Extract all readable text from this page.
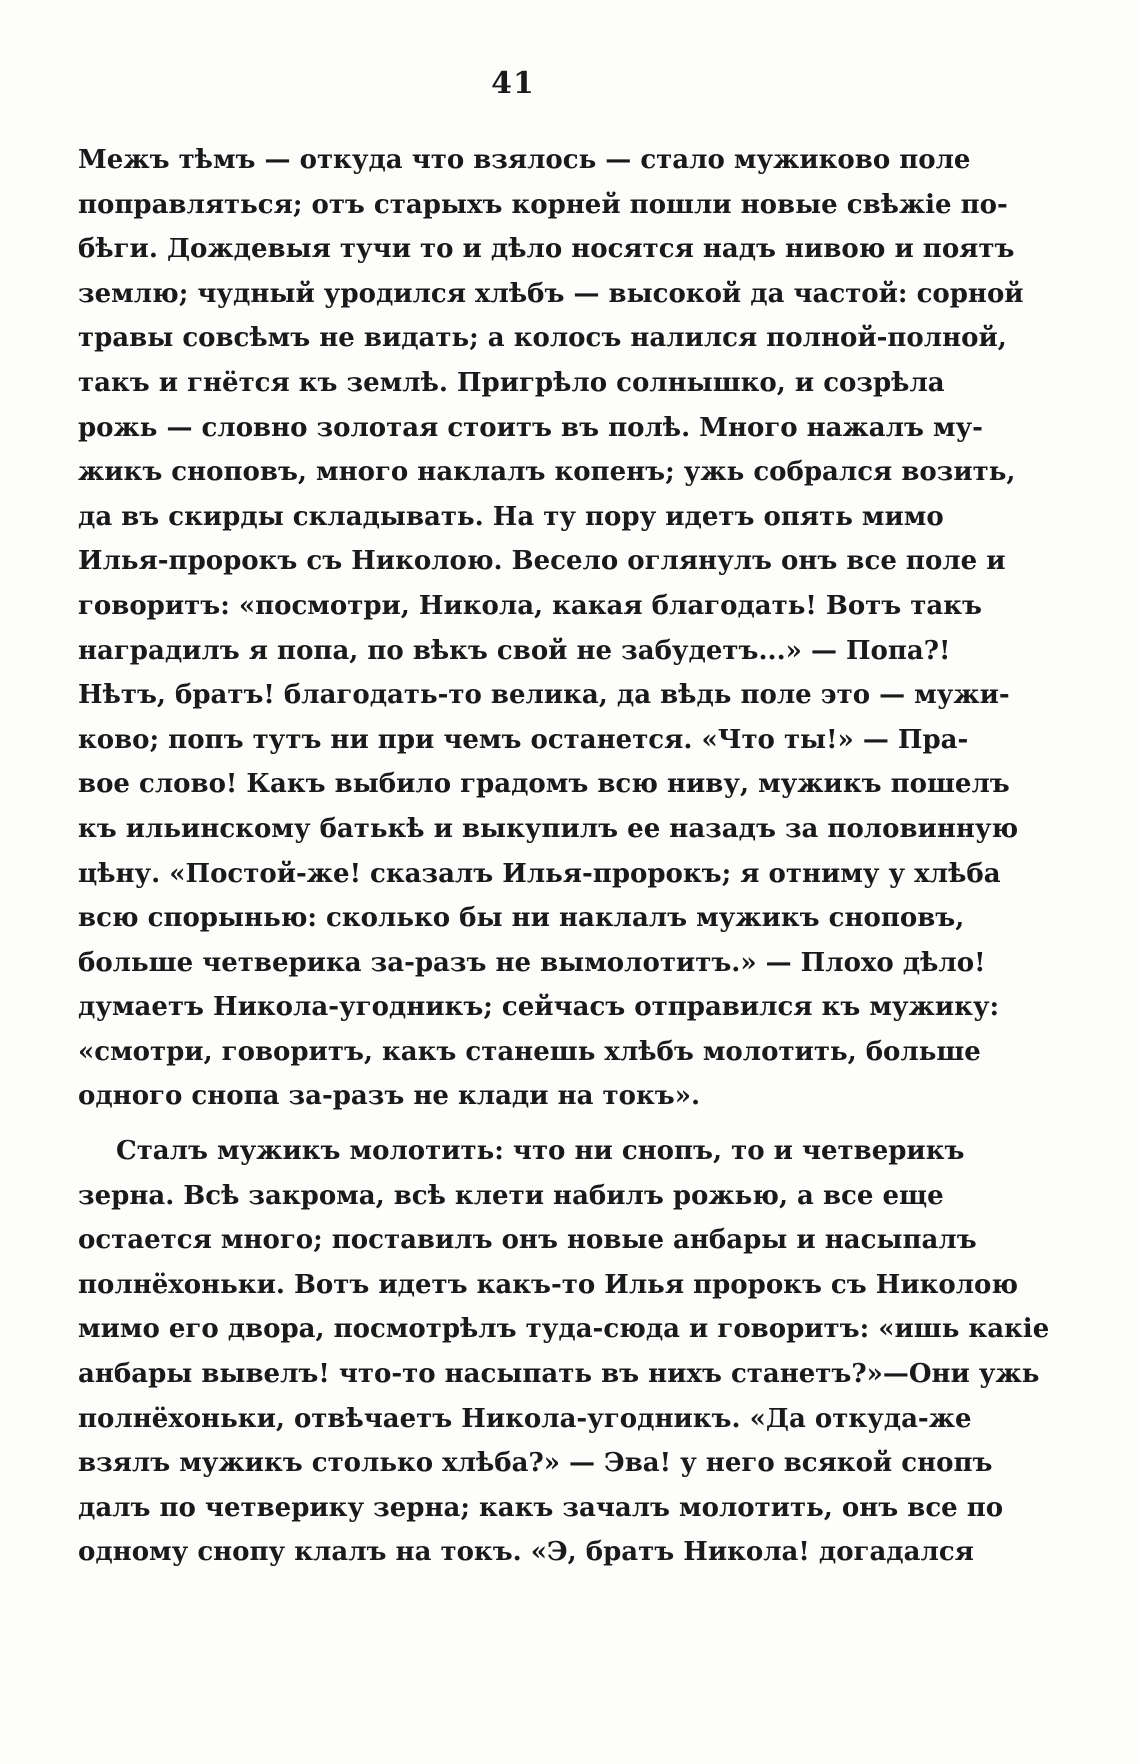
41
Межъ тѣмъ — откуда что взялось — стало мужиково поле
поправляться; отъ старыхъ корней пошли новые свѣжіе по-
бѣги. Дождевыя тучи то и дѣло носятся надъ нивою и поятъ
землю; чудный уродился хлѣбъ — высокой да частой: сорной
травы совсѣмъ не видать; а колосъ налился полной-полной,
такъ и гнётся къ землѣ. Пригрѣло солнышко, и созрѣла
рожь — словно золотая стоитъ въ полѣ. Много нажалъ му-
жикъ сноповъ, много наклалъ копенъ; ужь собрался возить,
да въ скирды складывать. На ту пору идетъ опять мимо
Илья-пророкъ съ Николою. Весело оглянулъ онъ все поле и
говоритъ: «посмотри, Никола, какая благодать! Вотъ такъ
наградилъ я попа, по вѣкъ свой не забудетъ...» — Попа?!
Нѣтъ, братъ! благодать-то велика, да вѣдь поле это — мужи-
ково; попъ тутъ ни при чемъ останется. «Что ты!» — Пра-
вое слово! Какъ выбило градомъ всю ниву, мужикъ пошелъ
къ ильинскому батькѣ и выкупилъ ее назадъ за половинную
цѣну. «Постой-же! сказалъ Илья-пророкъ; я отниму у хлѣба
всю спорынью: сколько бы ни наклалъ мужикъ сноповъ,
больше четверика за-разъ не вымолотитъ.» — Плохо дѣло!
думаетъ Никола-угодникъ; сейчасъ отправился къ мужику:
«смотри, говоритъ, какъ станешь хлѣбъ молотить, больше
одного снопа за-разъ не клади на токъ».
Сталъ мужикъ молотить: что ни снопъ, то и четверикъ
зерна. Всѣ закрома, всѣ клети набилъ рожью, а все еще
остается много; поставилъ онъ новые анбары и насыпалъ
полнёхоньки. Вотъ идетъ какъ-то Илья пророкъ съ Николою
мимо его двора, посмотрѣлъ туда-сюда и говоритъ: «ишь какіе
анбары вывелъ! что-то насыпать въ нихъ станетъ?»—Они ужь
полнёхоньки, отвѣчаетъ Никола-угодникъ. «Да откуда-же
взялъ мужикъ столько хлѣба?» — Эва! у него всякой снопъ
далъ по четверику зерна; какъ зачалъ молотить, онъ все по
одному снопу клалъ на токъ. «Э, братъ Никола! догадался
